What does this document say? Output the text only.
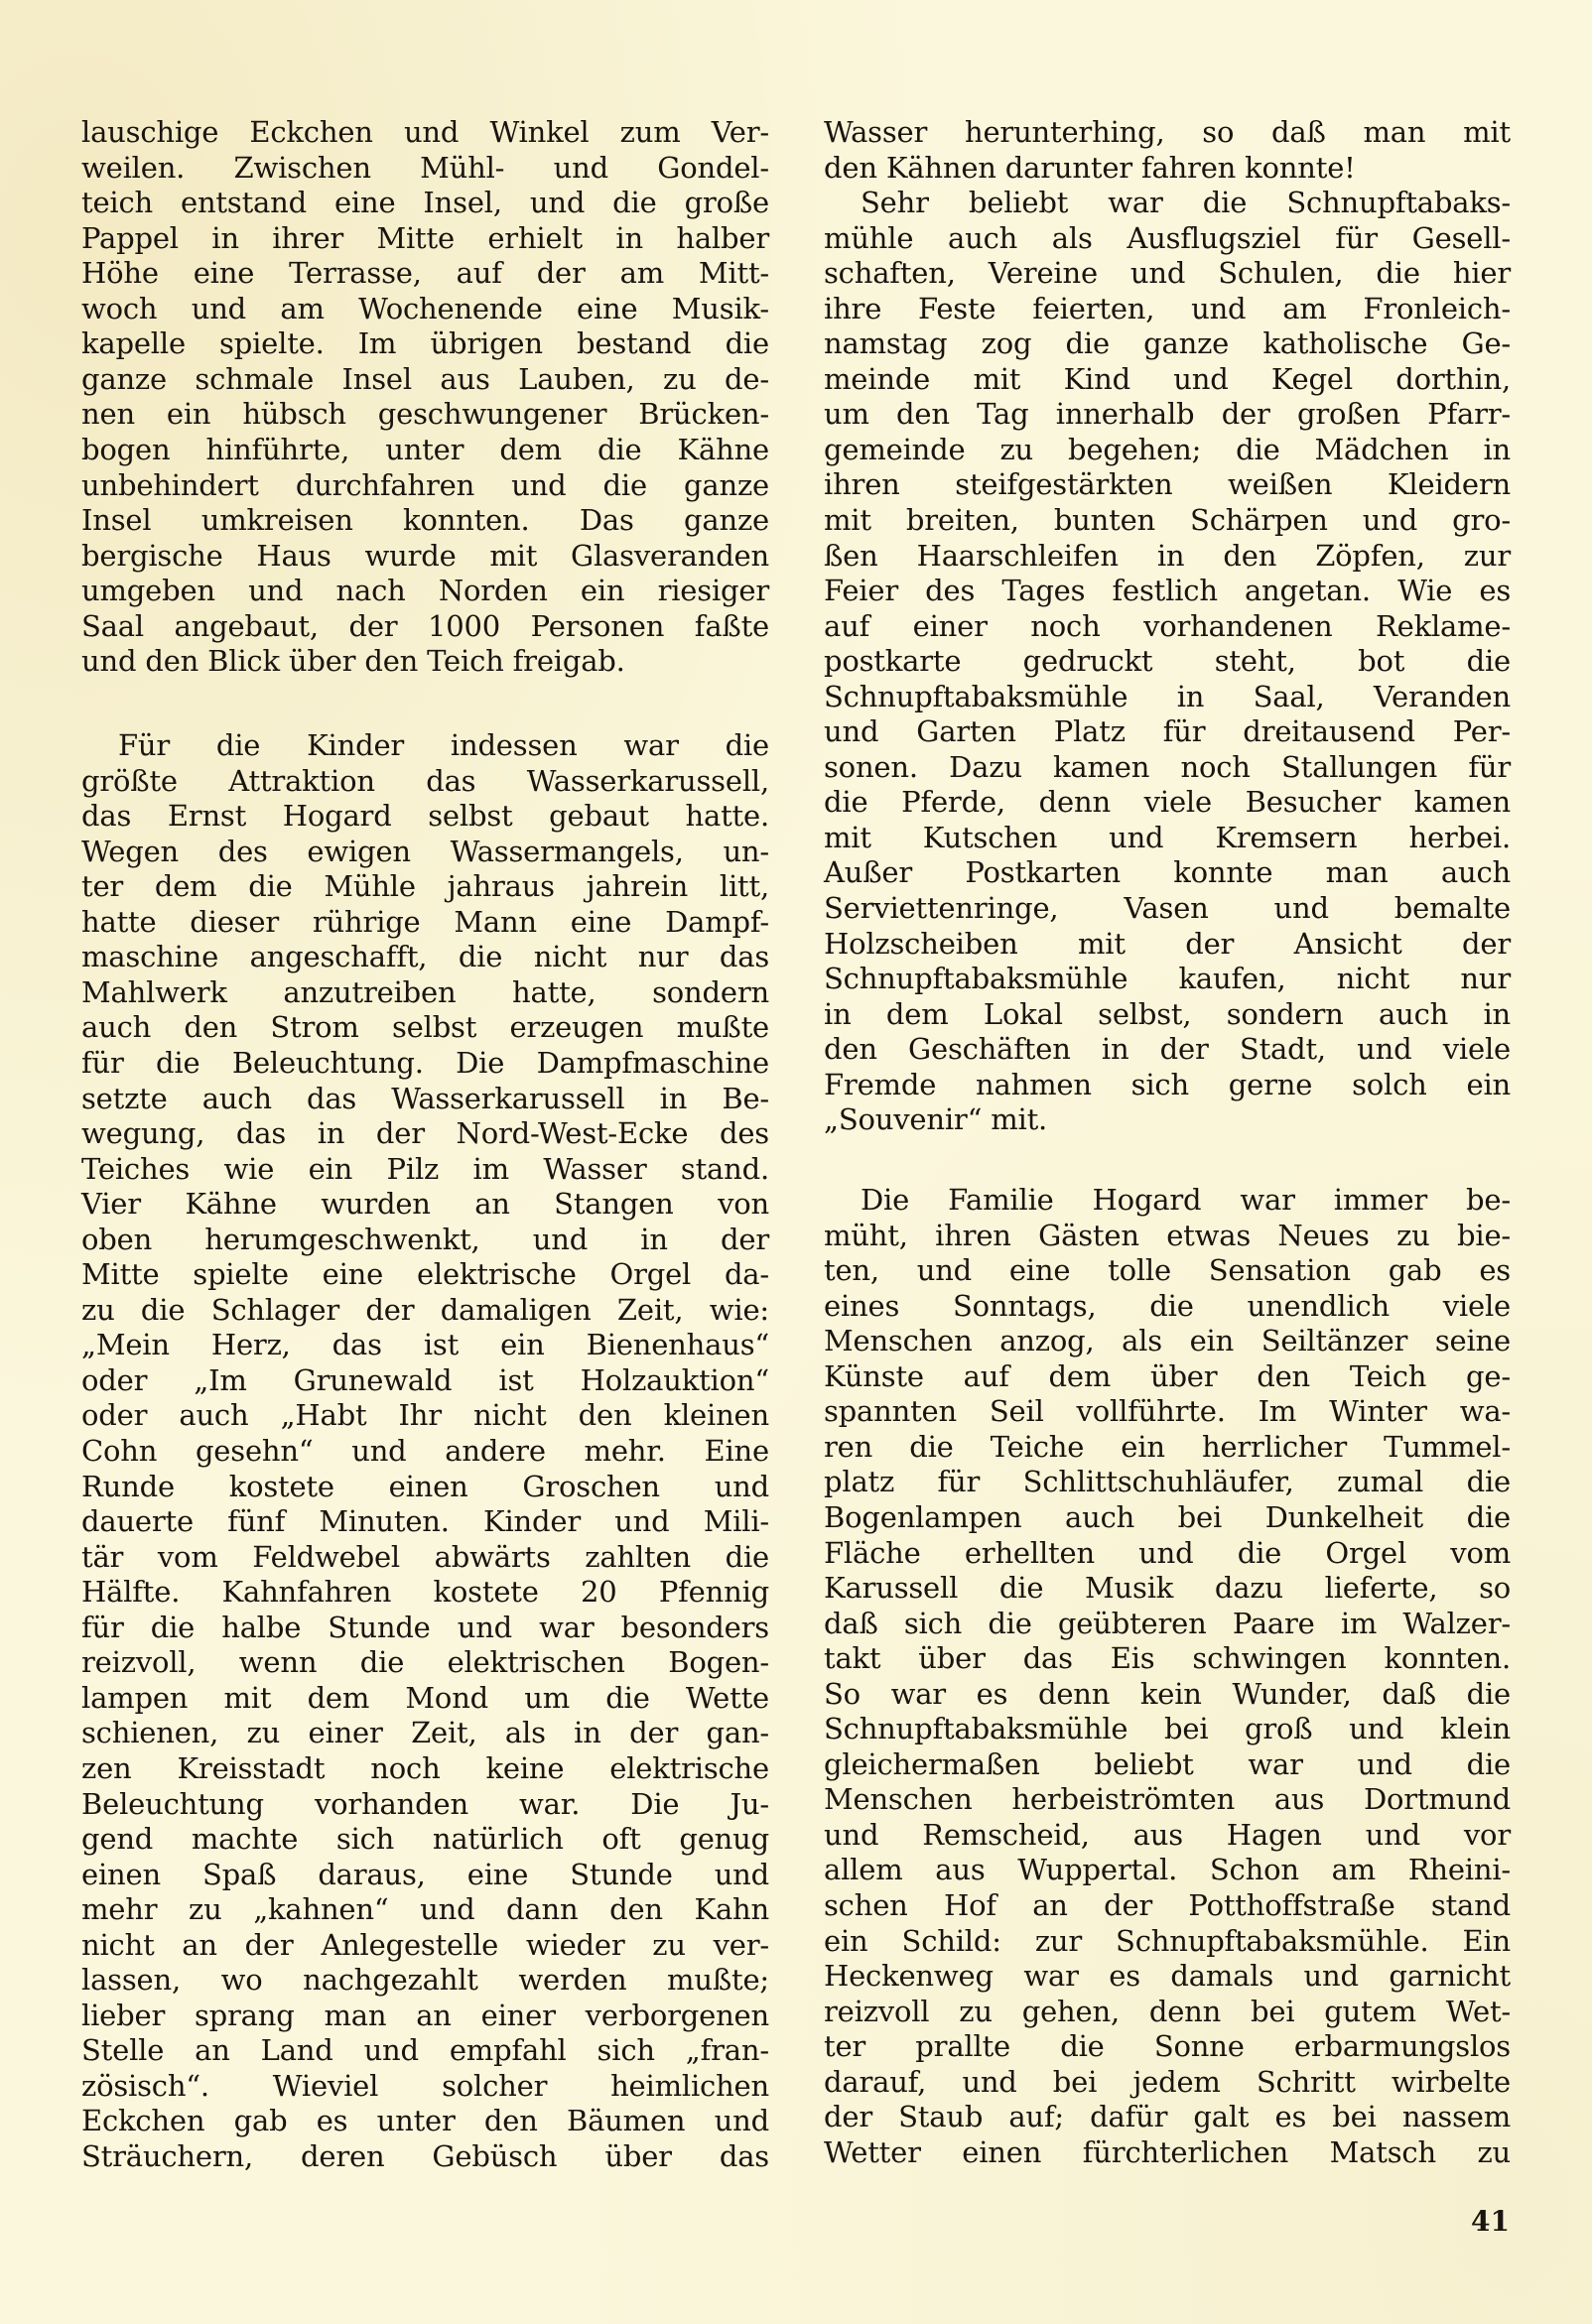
lauschige Eckchen und Winkel zum Ver-
weilen. Zwischen Mühl- und Gondel-
teich entstand eine Insel, und die große
Pappel in ihrer Mitte erhielt in halber
Höhe eine Terrasse, auf der am Mitt-
woch und am Wochenende eine Musik-
kapelle spielte. Im übrigen bestand die
ganze schmale Insel aus Lauben, zu de-
nen ein hübsch geschwungener Brücken-
bogen hinführte, unter dem die Kähne
unbehindert durchfahren und die ganze
Insel umkreisen konnten. Das ganze
bergische Haus wurde mit Glasveranden
umgeben und nach Norden ein riesiger
Saal angebaut, der 1000 Personen faßte
und den Blick über den Teich freigab.
Für die Kinder indessen war die
größte Attraktion das Wasserkarussell,
das Ernst Hogard selbst gebaut hatte.
Wegen des ewigen Wassermangels, un-
ter dem die Mühle jahraus jahrein litt,
hatte dieser rührige Mann eine Dampf-
maschine angeschafft, die nicht nur das
Mahlwerk anzutreiben hatte, sondern
auch den Strom selbst erzeugen mußte
für die Beleuchtung. Die Dampfmaschine
setzte auch das Wasserkarussell in Be-
wegung, das in der Nord-West-Ecke des
Teiches wie ein Pilz im Wasser stand.
Vier Kähne wurden an Stangen von
oben herumgeschwenkt, und in der
Mitte spielte eine elektrische Orgel da-
zu die Schlager der damaligen Zeit, wie:
„Mein Herz, das ist ein Bienenhaus“
oder „Im Grunewald ist Holzauktion“
oder auch „Habt Ihr nicht den kleinen
Cohn gesehn“ und andere mehr. Eine
Runde kostete einen Groschen und
dauerte fünf Minuten. Kinder und Mili-
tär vom Feldwebel abwärts zahlten die
Hälfte. Kahnfahren kostete 20 Pfennig
für die halbe Stunde und war besonders
reizvoll, wenn die elektrischen Bogen-
lampen mit dem Mond um die Wette
schienen, zu einer Zeit, als in der gan-
zen Kreisstadt noch keine elektrische
Beleuchtung vorhanden war. Die Ju-
gend machte sich natürlich oft genug
einen Spaß daraus, eine Stunde und
mehr zu „kahnen“ und dann den Kahn
nicht an der Anlegestelle wieder zu ver-
lassen, wo nachgezahlt werden mußte;
lieber sprang man an einer verborgenen
Stelle an Land und empfahl sich „fran-
zösisch“. Wieviel solcher heimlichen
Eckchen gab es unter den Bäumen und
Sträuchern, deren Gebüsch über das
Wasser herunterhing, so daß man mit
den Kähnen darunter fahren konnte!
Sehr beliebt war die Schnupftabaks-
mühle auch als Ausflugsziel für Gesell-
schaften, Vereine und Schulen, die hier
ihre Feste feierten, und am Fronleich-
namstag zog die ganze katholische Ge-
meinde mit Kind und Kegel dorthin,
um den Tag innerhalb der großen Pfarr-
gemeinde zu begehen; die Mädchen in
ihren steifgestärkten weißen Kleidern
mit breiten, bunten Schärpen und gro-
ßen Haarschleifen in den Zöpfen, zur
Feier des Tages festlich angetan. Wie es
auf einer noch vorhandenen Reklame-
postkarte gedruckt steht, bot die
Schnupftabaksmühle in Saal, Veranden
und Garten Platz für dreitausend Per-
sonen. Dazu kamen noch Stallungen für
die Pferde, denn viele Besucher kamen
mit Kutschen und Kremsern herbei.
Außer Postkarten konnte man auch
Serviettenringe, Vasen und bemalte
Holzscheiben mit der Ansicht der
Schnupftabaksmühle kaufen, nicht nur
in dem Lokal selbst, sondern auch in
den Geschäften in der Stadt, und viele
Fremde nahmen sich gerne solch ein
„Souvenir“ mit.
Die Familie Hogard war immer be-
müht, ihren Gästen etwas Neues zu bie-
ten, und eine tolle Sensation gab es
eines Sonntags, die unendlich viele
Menschen anzog, als ein Seiltänzer seine
Künste auf dem über den Teich ge-
spannten Seil vollführte. Im Winter wa-
ren die Teiche ein herrlicher Tummel-
platz für Schlittschuhläufer, zumal die
Bogenlampen auch bei Dunkelheit die
Fläche erhellten und die Orgel vom
Karussell die Musik dazu lieferte, so
daß sich die geübteren Paare im Walzer-
takt über das Eis schwingen konnten.
So war es denn kein Wunder, daß die
Schnupftabaksmühle bei groß und klein
gleichermaßen beliebt war und die
Menschen herbeiströmten aus Dortmund
und Remscheid, aus Hagen und vor
allem aus Wuppertal. Schon am Rheini-
schen Hof an der Potthoffstraße stand
ein Schild: zur Schnupftabaksmühle. Ein
Heckenweg war es damals und garnicht
reizvoll zu gehen, denn bei gutem Wet-
ter prallte die Sonne erbarmungslos
darauf, und bei jedem Schritt wirbelte
der Staub auf; dafür galt es bei nassem
Wetter einen fürchterlichen Matsch zu
41
